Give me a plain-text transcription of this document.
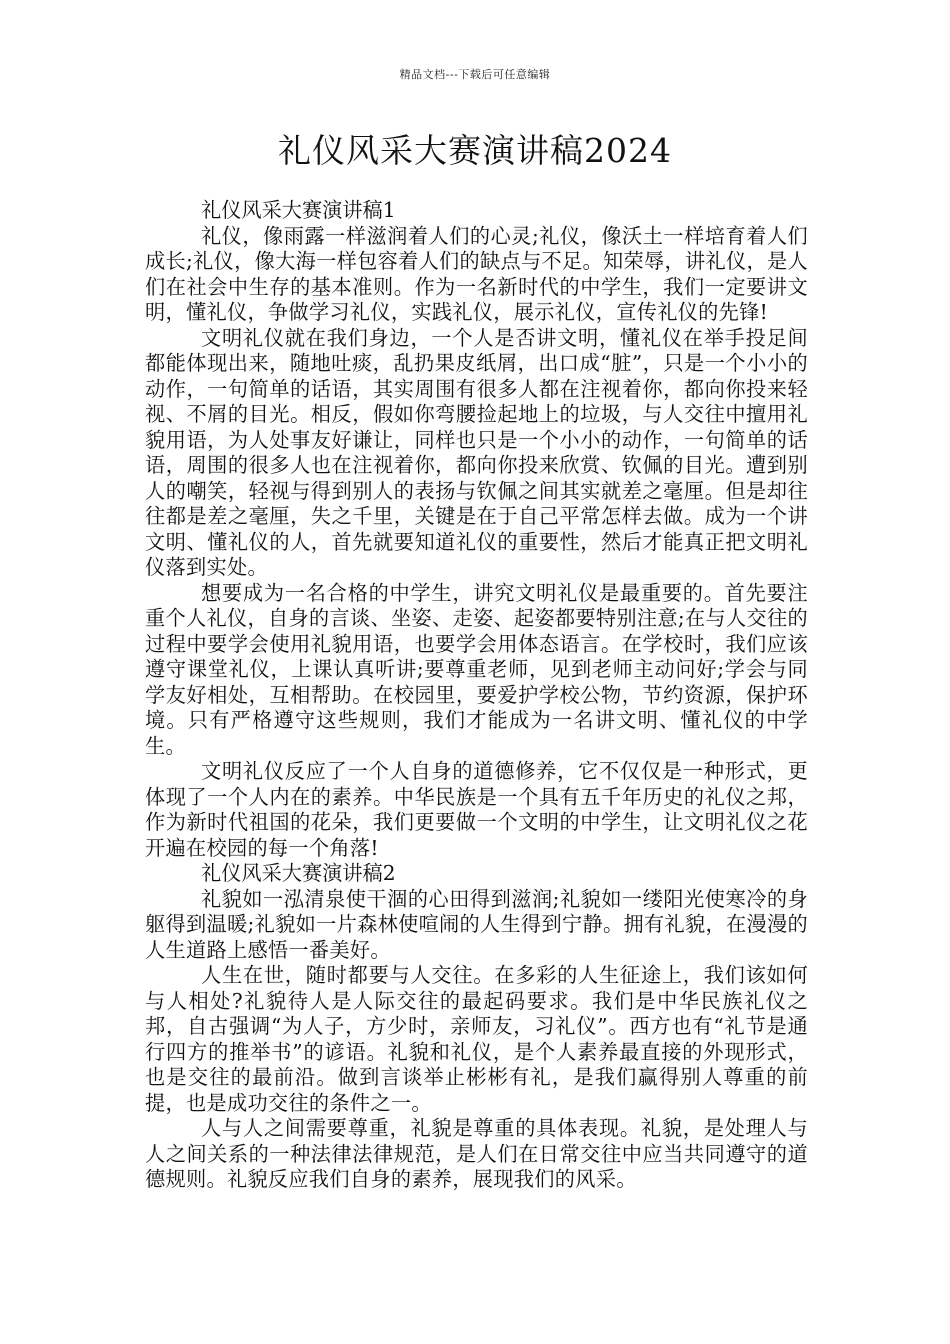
精品文档---下载后可任意编辑
礼仪风采大赛演讲稿2024
礼仪风采大赛演讲稿1

礼仪，像雨露一样滋润着人们的心灵;礼仪，像沃土一样培育着人们成长;礼仪，像大海一样包容着人们的缺点与不足。知荣辱，讲礼仪，是人们在社会中生存的基本准则。作为一名新时代的中学生，我们一定要讲文明，懂礼仪，争做学习礼仪，实践礼仪，展示礼仪，宣传礼仪的先锋!

文明礼仪就在我们身边，一个人是否讲文明，懂礼仪在举手投足间都能体现出来，随地吐痰，乱扔果皮纸屑，出口成“脏”，只是一个小小的动作，一句简单的话语，其实周围有很多人都在注视着你，都向你投来轻视、不屑的目光。相反，假如你弯腰捡起地上的垃圾，与人交往中擅用礼貌用语，为人处事友好谦让，同样也只是一个小小的动作，一句简单的话语，周围的很多人也在注视着你，都向你投来欣赏、钦佩的目光。遭到别人的嘲笑，轻视与得到别人的表扬与钦佩之间其实就差之毫厘。但是却往往都是差之毫厘，失之千里，关键是在于自己平常怎样去做。成为一个讲文明、懂礼仪的人，首先就要知道礼仪的重要性，然后才能真正把文明礼仪落到实处。

想要成为一名合格的中学生，讲究文明礼仪是最重要的。首先要注重个人礼仪，自身的言谈、坐姿、走姿、起姿都要特别注意;在与人交往的过程中要学会使用礼貌用语，也要学会用体态语言。在学校时，我们应该遵守课堂礼仪，上课认真听讲;要尊重老师，见到老师主动问好;学会与同学友好相处，互相帮助。在校园里，要爱护学校公物，节约资源，保护环境。只有严格遵守这些规则，我们才能成为一名讲文明、懂礼仪的中学生。

文明礼仪反应了一个人自身的道德修养，它不仅仅是一种形式，更体现了一个人内在的素养。中华民族是一个具有五千年历史的礼仪之邦，作为新时代祖国的花朵，我们更要做一个文明的中学生，让文明礼仪之花开遍在校园的每一个角落!

礼仪风采大赛演讲稿2

礼貌如一泓清泉使干涸的心田得到滋润;礼貌如一缕阳光使寒冷的身躯得到温暖;礼貌如一片森林使喧闹的人生得到宁静。拥有礼貌，在漫漫的人生道路上感悟一番美好。

人生在世，随时都要与人交往。在多彩的人生征途上，我们该如何与人相处?礼貌待人是人际交往的最起码要求。我们是中华民族礼仪之邦，自古强调“为人子，方少时，亲师友，习礼仪”。西方也有“礼节是通行四方的推举书”的谚语。礼貌和礼仪，是个人素养最直接的外现形式，也是交往的最前沿。做到言谈举止彬彬有礼，是我们赢得别人尊重的前提，也是成功交往的条件之一。

人与人之间需要尊重，礼貌是尊重的具体表现。礼貌，是处理人与人之间关系的一种法律法律规范，是人们在日常交往中应当共同遵守的道德规则。礼貌反应我们自身的素养，展现我们的风采。
